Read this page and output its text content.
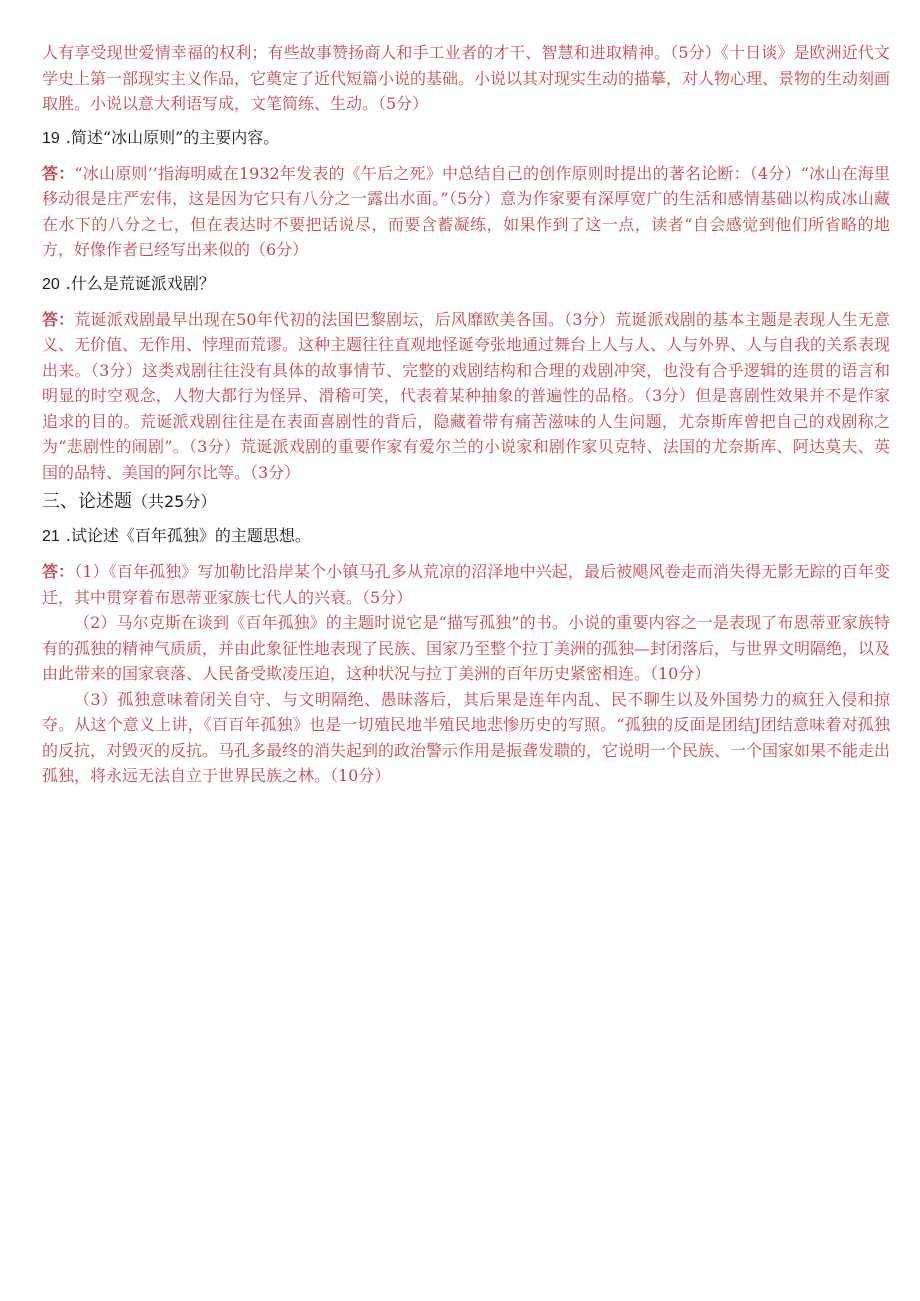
人有享受现世爱情幸福的权利；有些故事赞扬商人和手工业者的才干、智慧和进取精神。（5分）《十日谈》是欧洲近代文学史上第一部现实主义作品，它奠定了近代短篇小说的基础。小说以其对现实生动的描摹，对人物心理、景物的生动刻画取胜。小说以意大利语写成，文笔简练、生动。（5分）

19 .简述“冰山原则”的主要内容。

答：“冰山原则’’指海明威在1932年发表的《午后之死》中总结自己的创作原则时提出的著名论断：（4分）“冰山在海里移动很是庄严宏伟，这是因为它只有八分之一露出水面。”（5分）意为作家要有深厚宽广的生活和感情基础以构成冰山藏在水下的八分之七，但在表达时不要把话说尽，而要含蓄凝练，如果作到了这一点，读者“自会感觉到他们所省略的地方，好像作者已经写出来似的（6分）

20 .什么是荒诞派戏剧？

答：荒诞派戏剧最早出现在50年代初的法国巴黎剧坛，后风靡欧美各国。（3分）荒诞派戏剧的基本主题是表现人生无意义、无价值、无作用、悖理而荒谬。这种主题往往直观地怪诞夸张地通过舞台上人与人、人与外界、人与自我的关系表现出来。（3分）这类戏剧往往没有具体的故事情节、完整的戏剧结构和合理的戏剧冲突，也没有合乎逻辑的连贯的语言和明显的时空观念，人物大都行为怪异、滑稽可笑，代表着某种抽象的普遍性的品格。（3分）但是喜剧性效果并不是作家追求的目的。荒诞派戏剧往往是在表面喜剧性的背后，隐藏着带有痛苦滋味的人生问题，尤奈斯库曾把自己的戏剧称之为“悲剧性的闹剧”。（3分）荒诞派戏剧的重要作家有爱尔兰的小说家和剧作家贝克特、法国的尤奈斯库、阿达莫夫、英国的品特、美国的阿尔比等。（3分）

三、论述题（共25分）
21 .试论述《百年孤独》的主题思想。

答：（1）《百年孤独》写加勒比沿岸某个小镇马孔多从荒凉的沼泽地中兴起，最后被飓风卷走而消失得无影无踪的百年变迁，其中贯穿着布恩蒂亚家族七代人的兴衰。（5分）

（2）马尔克斯在谈到《百年孤独》的主题时说它是“描写孤独”的书。小说的重要内容之一是表现了布恩蒂亚家族特有的孤独的精神气质质，并由此象征性地表现了民族、国家乃至整个拉丁美洲的孤独—封闭落后，与世界文明隔绝，以及由此带来的国家衰落、人民备受欺凌压迫，这种状况与拉丁美洲的百年历史紧密相连。（10分）

（3）孤独意味着闭关自守、与文明隔绝、愚昧落后，其后果是连年内乱、民不聊生以及外国势力的疯狂入侵和掠夺。从这个意义上讲，《百百年孤独》也是一切殖民地半殖民地悲惨历史的写照。“孤独的反面是团结J团结意味着对孤独的反抗，对毁灭的反抗。马孔多最终的消失起到的政治警示作用是振聋发聩的，它说明一个民族、一个国家如果不能走出孤独，将永远无法自立于世界民族之林。（10分）
